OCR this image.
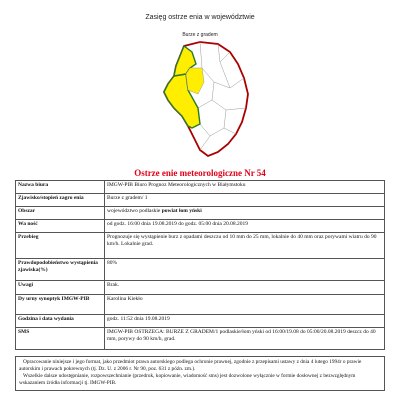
Zasięg ostrze enia w województwie
Burze z gradem
Ostrze enie meteorologiczne Nr 54
Nazwa biura	IMGW-PIB Biuro Prognoz Meteorologicznych w Białymstoku
Zjawisko/stopień zagro enia	Burze z gradem/ 1
Obszar	województwo podlaskie powiat łom yński
Wa ność	od godz. 16:00 dnia 19.08.2019 do godz. 05:00 dnia 20.08.2019
Przebieg	Prognozuje się wystąpienie burz z opadami deszczu od 10 mm do 25 mm, lokalnie do 40 mm oraz porywami wiatru do 90 km/h. Lokalnie grad.
Prawdopodobieństwo wystąpienia zjawiska(%)	80%
Uwagi	Brak.
Dy urny synoptyk IMGW-PIB	Karolina Kiekło
Godzina i data wydania	godz. 11:52 dnia 19.08.2019
SMS	IMGW-PIB OSTRZEGA: BURZE Z GRADEM/1 podlaskie/łom yński od 16:00/19.08 do 05:00/20.08.2019 deszcz do 40 mm, porywy do 90 km/h, grad.

Opracowanie niniejsze i jego format, jako przedmiot prawa autorskiego podlega ochronie prawnej, zgodnie z przepisami ustawy z dnia 4 lutego 1994r o prawie autorskim i prawach pokrewnych (tj. Dz. U. z 2006 r. Nr 90, poz. 631 z późn. zm.).

Wszelkie dalsze udostępnianie, rozpowszechnianie (przedruk, kopiowanie, wiadomość sms) jest dozwolone wyłącznie w formie dosłownej z bezwzględnym wskazaniem źródła informacji tj. IMGW-PIB.
